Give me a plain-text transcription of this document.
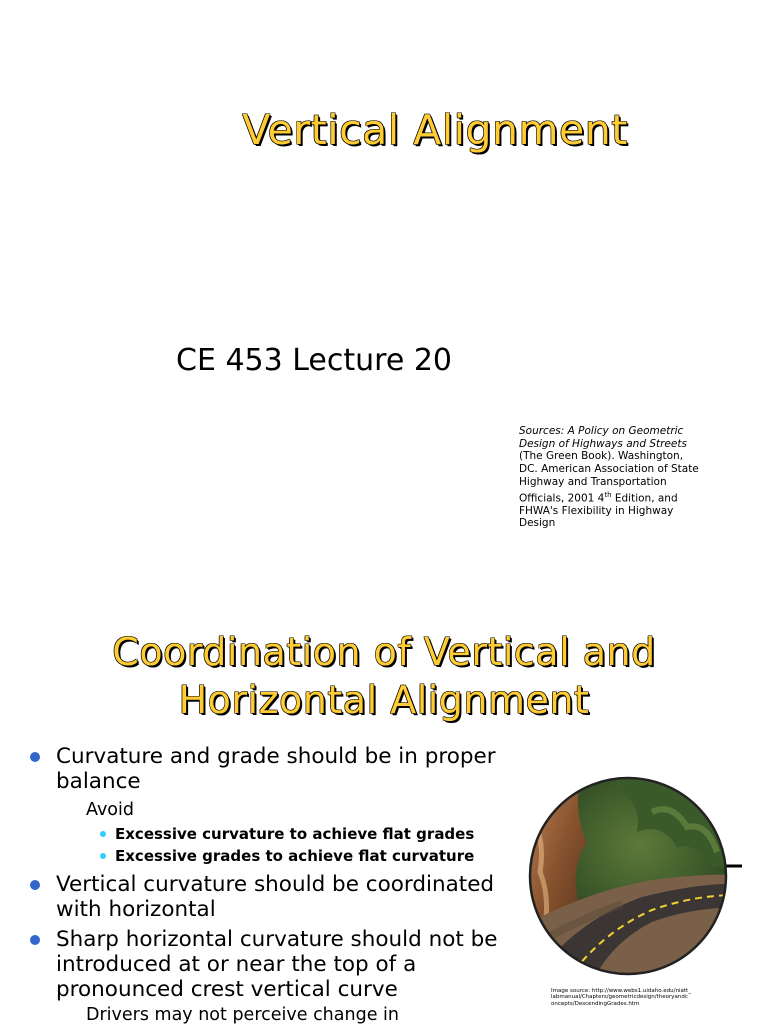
Vertical Alignment
CE 453 Lecture 20
Sources: A Policy on Geometric Design of Highways and Streets (The Green Book). Washington, DC. American Association of State Highway and Transportation Officials, 2001 4th Edition, and FHWA's Flexibility in Highway Design
Coordination of Vertical and
Horizontal Alignment
Curvature and grade should be in proper balance
Avoid
Excessive curvature to achieve flat grades
Excessive grades to achieve flat curvature
Vertical curvature should be coordinated with horizontal
Sharp horizontal curvature should not be introduced at or near the top of a pronounced crest vertical curve
Drivers may not perceive change in
Image source: http://www.webs1.uidaho.edu/niatt_labmanual/Chapters/geometricdesign/theoryandconcepts/DescendingGrades.htm
